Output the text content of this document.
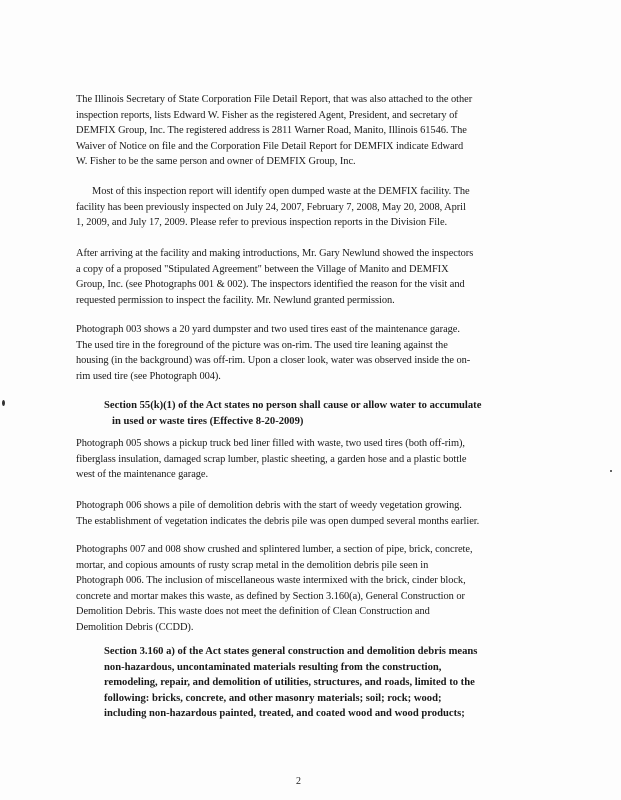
The Illinois Secretary of State Corporation File Detail Report, that was also attached to the other
inspection reports, lists Edward W. Fisher as the registered Agent, President, and secretary of
DEMFIX Group, Inc. The registered address is 2811 Warner Road, Manito, Illinois 61546. The
Waiver of Notice on file and the Corporation File Detail Report for DEMFIX indicate Edward
W. Fisher to be the same person and owner of DEMFIX Group, Inc.

Most of this inspection report will identify open dumped waste at the DEMFIX facility. The
facility has been previously inspected on July 24, 2007, February 7, 2008, May 20, 2008, April
1, 2009, and July 17, 2009. Please refer to previous inspection reports in the Division File.

After arriving at the facility and making introductions, Mr. Gary Newlund showed the inspectors
a copy of a proposed "Stipulated Agreement" between the Village of Manito and DEMFIX
Group, Inc. (see Photographs 001 & 002). The inspectors identified the reason for the visit and
requested permission to inspect the facility. Mr. Newlund granted permission.

Photograph 003 shows a 20 yard dumpster and two used tires east of the maintenance garage.
The used tire in the foreground of the picture was on-rim. The used tire leaning against the
housing (in the background) was off-rim. Upon a closer look, water was observed inside the on-
rim used tire (see Photograph 004).

Section 55(k)(1) of the Act states no person shall cause or allow water to accumulate
in used or waste tires (Effective 8-20-2009)

Photograph 005 shows a pickup truck bed liner filled with waste, two used tires (both off-rim),
fiberglass insulation, damaged scrap lumber, plastic sheeting, a garden hose and a plastic bottle
west of the maintenance garage.

Photograph 006 shows a pile of demolition debris with the start of weedy vegetation growing.
The establishment of vegetation indicates the debris pile was open dumped several months earlier.

Photographs 007 and 008 show crushed and splintered lumber, a section of pipe, brick, concrete,
mortar, and copious amounts of rusty scrap metal in the demolition debris pile seen in
Photograph 006. The inclusion of miscellaneous waste intermixed with the brick, cinder block,
concrete and mortar makes this waste, as defined by Section 3.160(a), General Construction or
Demolition Debris. This waste does not meet the definition of Clean Construction and
Demolition Debris (CCDD).

Section 3.160 a) of the Act states general construction and demolition debris means
non-hazardous, uncontaminated materials resulting from the construction,
remodeling, repair, and demolition of utilities, structures, and roads, limited to the
following: bricks, concrete, and other masonry materials; soil; rock; wood;
including non-hazardous painted, treated, and coated wood and wood products;

2
